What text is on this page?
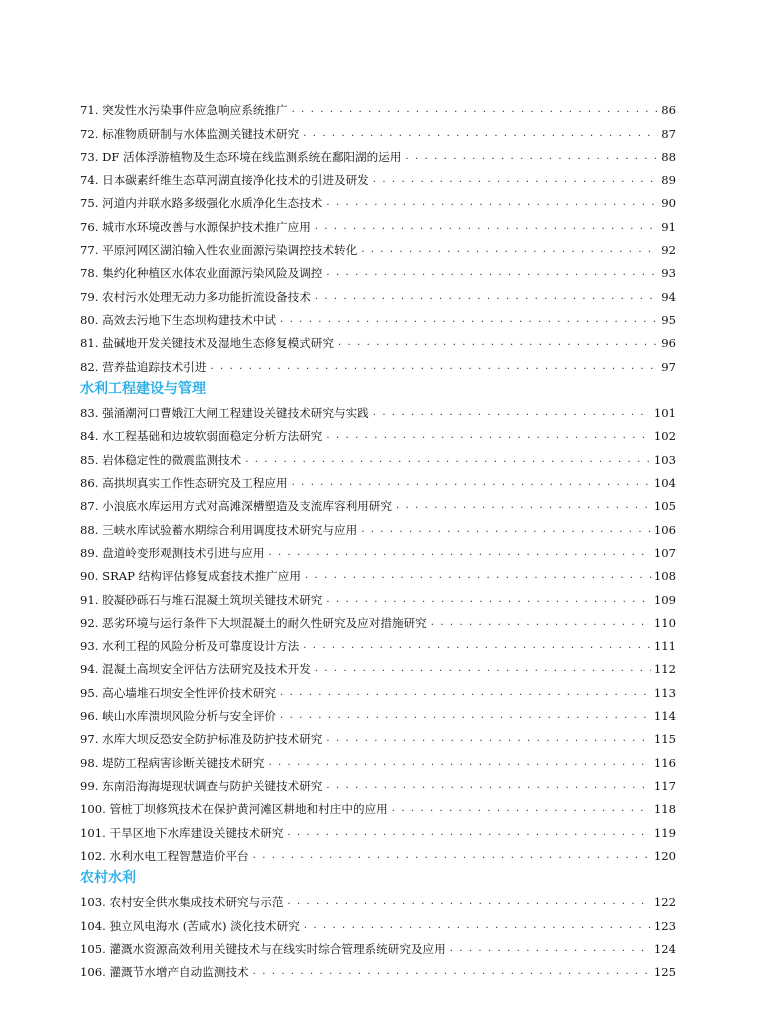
71. 突发性水污染事件应急响应系统推广 . . .	86
72. 标准物质研制与水体监测关键技术研究 . . .	87
73. DF 活体浮游植物及生态环境在线监测系统在鄱阳湖的运用 . . .	88
74. 日本碳素纤维生态草河湖直接净化技术的引进及研发 . . .	89
75. 河道内并联水路多级强化水质净化生态技术 . . .	90
76. 城市水环境改善与水源保护技术推广应用 . . .	91
77. 平原河网区湖泊输入性农业面源污染调控技术转化 . . .	92
78. 集约化种植区水体农业面源污染风险及调控 . . .	93
79. 农村污水处理无动力多功能折流设备技术 . . .	94
80. 高效去污地下生态坝构建技术中试 . . .	95
81. 盐碱地开发关键技术及湿地生态修复模式研究 . . .	96
82. 营养盐追踪技术引进 . . .	97
水利工程建设与管理
83. 强涌潮河口曹娥江大闸工程建设关键技术研究与实践 . . .	101
84. 水工程基础和边坡软弱面稳定分析方法研究 . . .	102
85. 岩体稳定性的微震监测技术 . . .	103
86. 高拱坝真实工作性态研究及工程应用 . . .	104
87. 小浪底水库运用方式对高滩深槽塑造及支流库容利用研究 . . .	105
88. 三峡水库试验蓄水期综合利用调度技术研究与应用 . . .	106
89. 盘道岭变形观测技术引进与应用 . . .	107
90. SRAP 结构评估修复成套技术推广应用 . . .	108
91. 胶凝砂砾石与堆石混凝土筑坝关键技术研究 . . .	109
92. 恶劣环境与运行条件下大坝混凝土的耐久性研究及应对措施研究 . . .	110
93. 水利工程的风险分析及可靠度设计方法 . . .	111
94. 混凝土高坝安全评估方法研究及技术开发 . . .	112
95. 高心墙堆石坝安全性评价技术研究 . . .	113
96. 峡山水库溃坝风险分析与安全评价 . . .	114
97. 水库大坝反恐安全防护标准及防护技术研究 . . .	115
98. 堤防工程病害诊断关键技术研究 . . .	116
99. 东南沿海海堤现状调查与防护关键技术研究 . . .	117
100. 管桩丁坝修筑技术在保护黄河滩区耕地和村庄中的应用 . . .	118
101. 干旱区地下水库建设关键技术研究 . . .	119
102. 水利水电工程智慧造价平台 . . .	120
农村水利
103. 农村安全供水集成技术研究与示范 . . .	122
104. 独立风电海水 (苦咸水) 淡化技术研究 . . .	123
105. 灌溉水资源高效利用关键技术与在线实时综合管理系统研究及应用 . . .	124
106. 灌溉节水增产自动监测技术 . . .	125
